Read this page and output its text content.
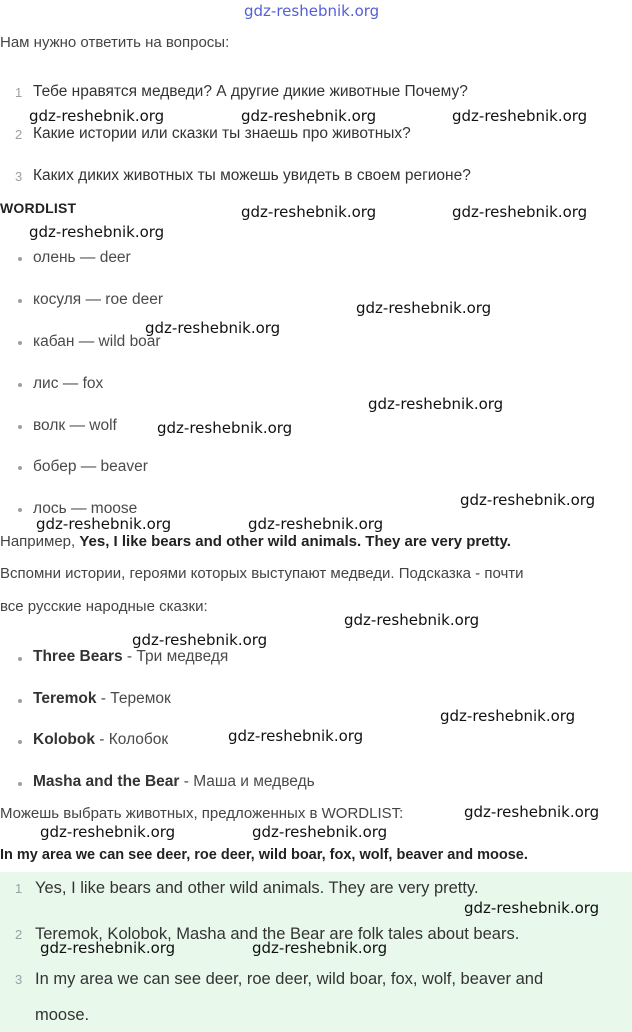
gdz-reshebnik.org
Нам нужно ответить на вопросы:
1 Тебе нравятся медведи? А другие дикие животные Почему?
2 Какие истории или сказки ты знаешь про животных?
3 Каких диких животных ты можешь увидеть в своем регионе?
WORDLIST
олень — deer
косуля — roe deer
кабан — wild boar
лис — fox
волк — wolf
бобер — beaver
лось — moose
Например, Yes, I like bears and other wild animals. They are very pretty.
Вспомни истории, героями которых выступают медведи. Подсказка - почти
все русские народные сказки:
Three Bears - Три медведя
Teremok - Теремок
Kolobok - Колобок
Masha and the Bear - Маша и медведь
Можешь выбрать животных, предложенных в WORDLIST:
In my area we can see deer, roe deer, wild boar, fox, wolf, beaver and moose.
1 Yes, I like bears and other wild animals. They are very pretty.
2 Teremok, Kolobok, Masha and the Bear are folk tales about bears.
3 In my area we can see deer, roe deer, wild boar, fox, wolf, beaver and
moose.
gdz-reshebnik.org	gdz-reshebnik.org	gdz-reshebnik.org
gdz-reshebnik.org	gdz-reshebnik.org
gdz-reshebnik.org
gdz-reshebnik.org
gdz-reshebnik.org
gdz-reshebnik.org
gdz-reshebnik.org
gdz-reshebnik.org
gdz-reshebnik.org	gdz-reshebnik.org
gdz-reshebnik.org
gdz-reshebnik.org
gdz-reshebnik.org
gdz-reshebnik.org
gdz-reshebnik.org
gdz-reshebnik.org	gdz-reshebnik.org
gdz-reshebnik.org
gdz-reshebnik.org	gdz-reshebnik.org
